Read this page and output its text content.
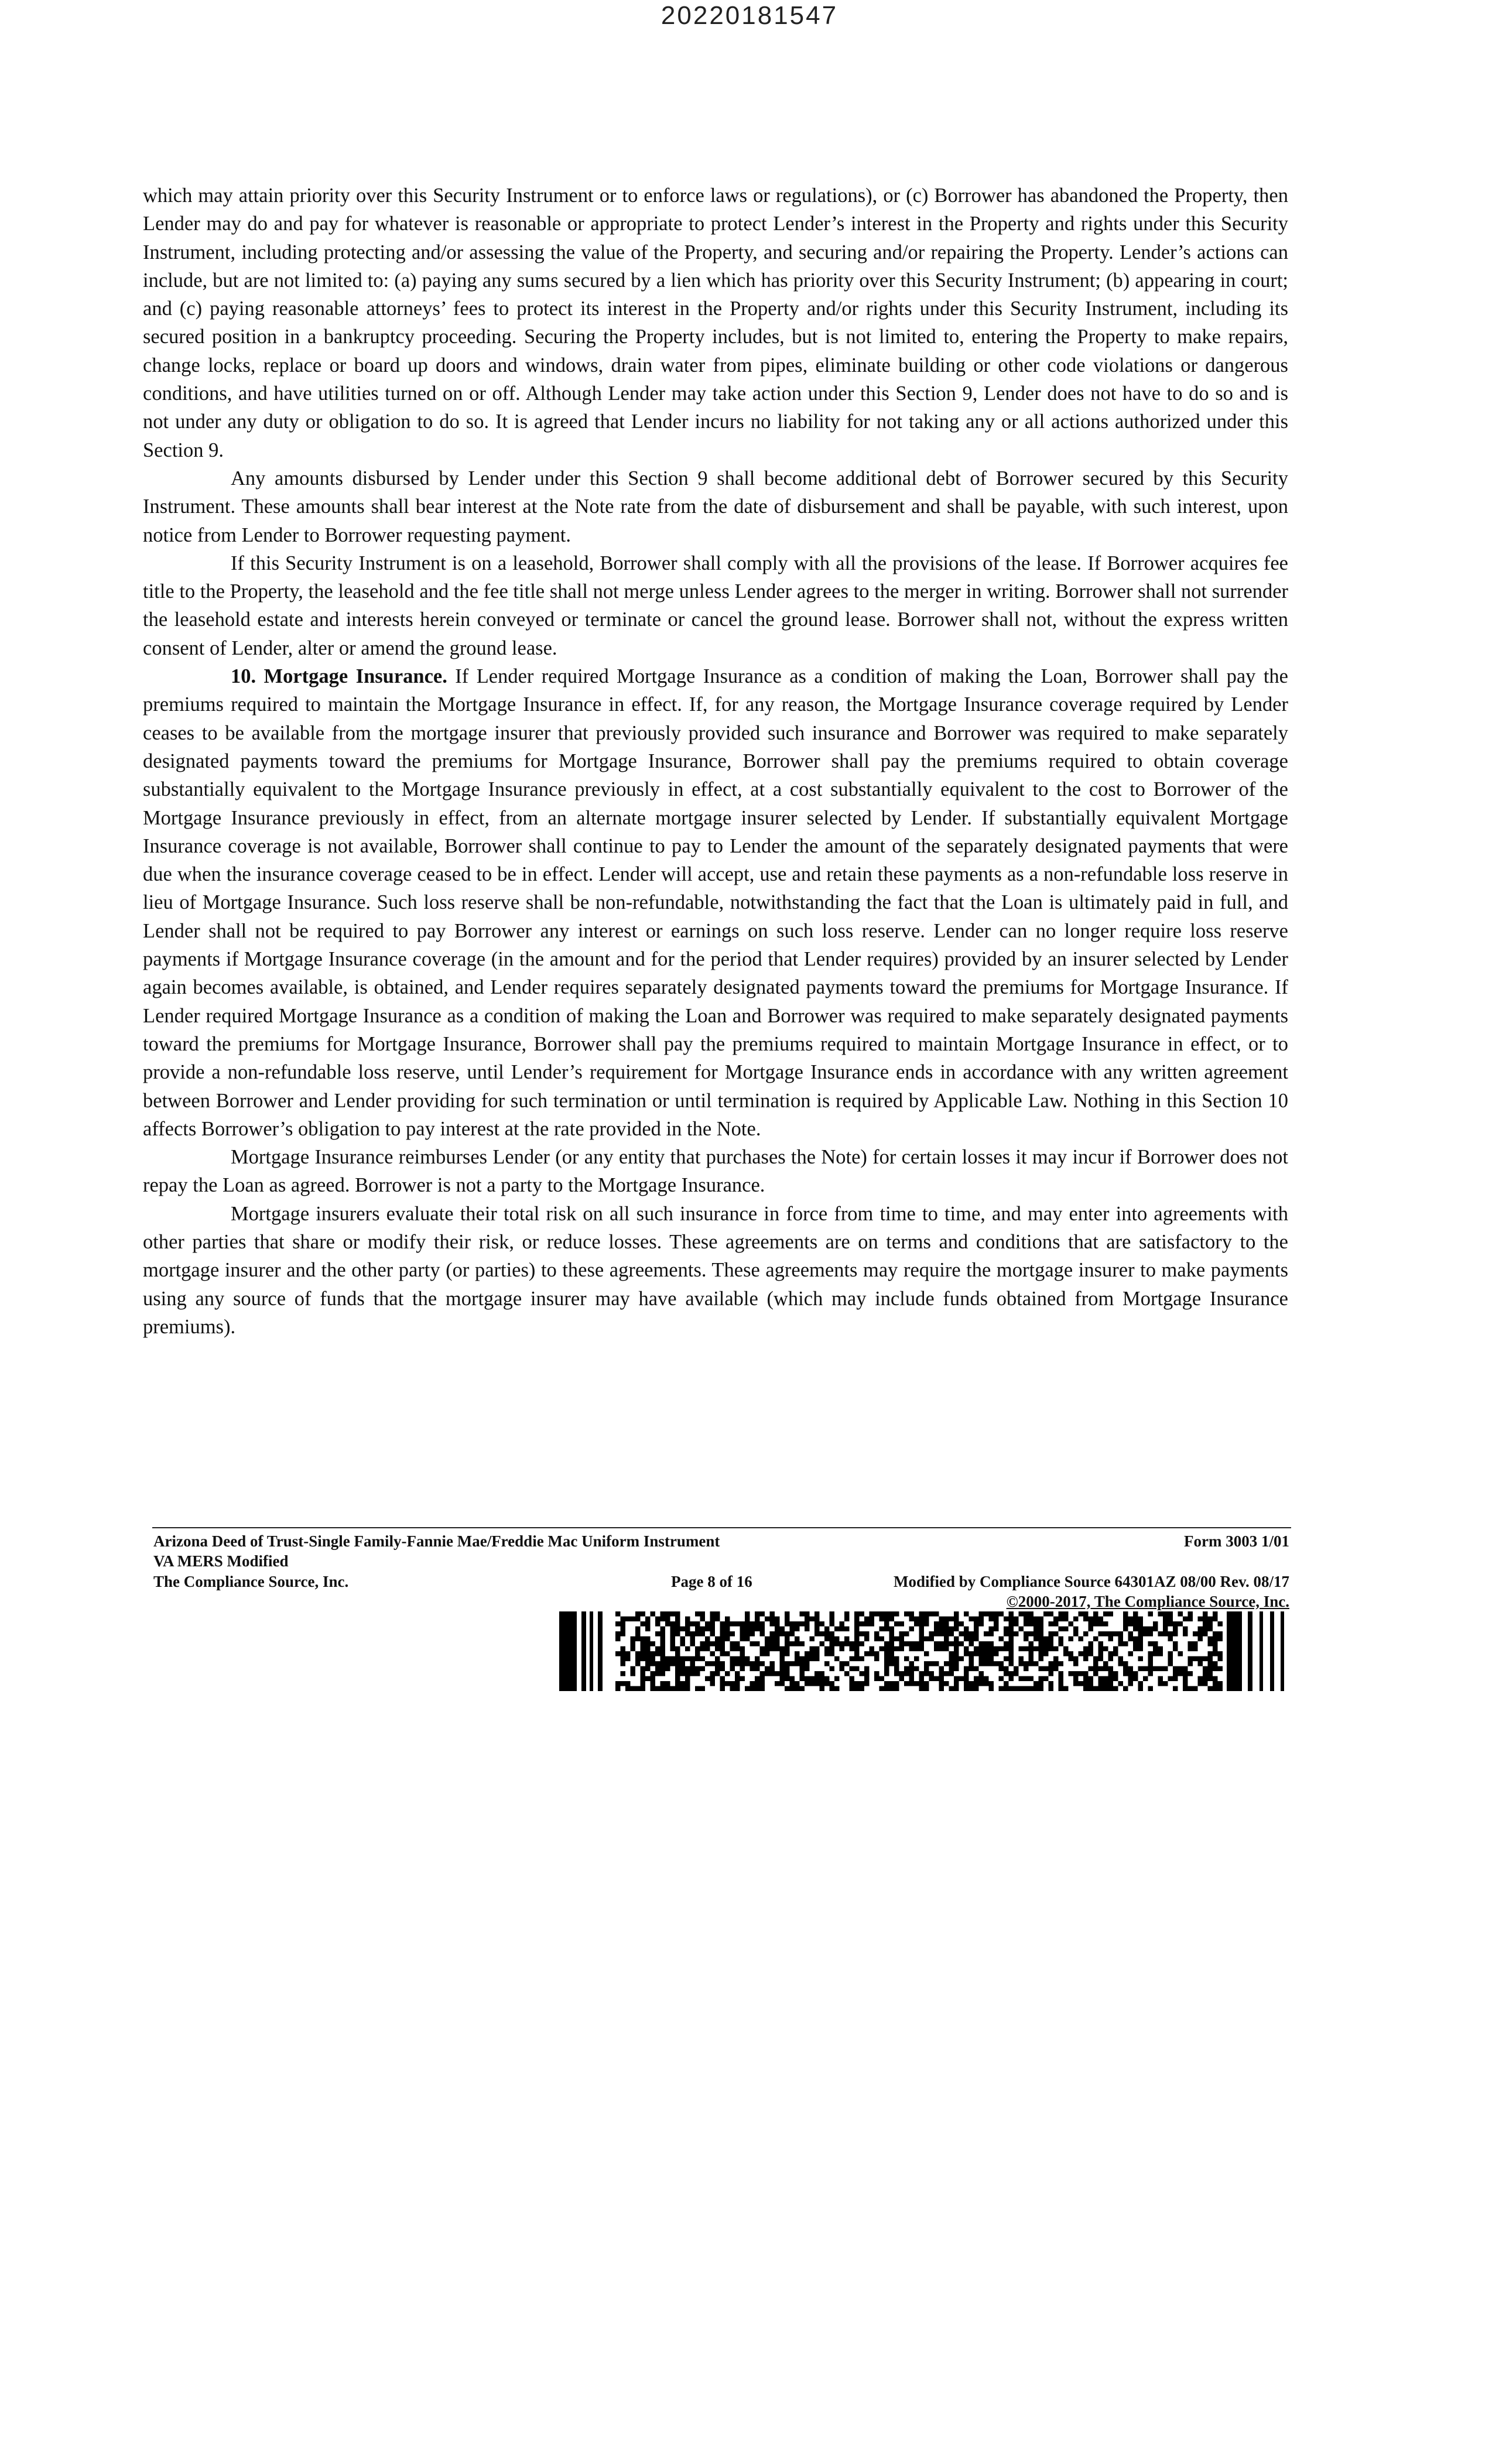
20220181547

which may attain priority over this Security Instrument or to enforce laws or regulations), or (c) Borrower has abandoned the Property, then Lender may do and pay for whatever is reasonable or appropriate to protect Lender’s interest in the Property and rights under this Security Instrument, including protecting and/or assessing the value of the Property, and securing and/or repairing the Property. Lender’s actions can include, but are not limited to: (a) paying any sums secured by a lien which has priority over this Security Instrument; (b) appearing in court; and (c) paying reasonable attorneys’ fees to protect its interest in the Property and/or rights under this Security Instrument, including its secured position in a bankruptcy proceeding. Securing the Property includes, but is not limited to, entering the Property to make repairs, change locks, replace or board up doors and windows, drain water from pipes, eliminate building or other code violations or dangerous conditions, and have utilities turned on or off. Although Lender may take action under this Section 9, Lender does not have to do so and is not under any duty or obligation to do so. It is agreed that Lender incurs no liability for not taking any or all actions authorized under this Section 9.

Any amounts disbursed by Lender under this Section 9 shall become additional debt of Borrower secured by this Security Instrument. These amounts shall bear interest at the Note rate from the date of disbursement and shall be payable, with such interest, upon notice from Lender to Borrower requesting payment.

If this Security Instrument is on a leasehold, Borrower shall comply with all the provisions of the lease. If Borrower acquires fee title to the Property, the leasehold and the fee title shall not merge unless Lender agrees to the merger in writing. Borrower shall not surrender the leasehold estate and interests herein conveyed or terminate or cancel the ground lease. Borrower shall not, without the express written consent of Lender, alter or amend the ground lease.

10. Mortgage Insurance. If Lender required Mortgage Insurance as a condition of making the Loan, Borrower shall pay the premiums required to maintain the Mortgage Insurance in effect. If, for any reason, the Mortgage Insurance coverage required by Lender ceases to be available from the mortgage insurer that previously provided such insurance and Borrower was required to make separately designated payments toward the premiums for Mortgage Insurance, Borrower shall pay the premiums required to obtain coverage substantially equivalent to the Mortgage Insurance previously in effect, at a cost substantially equivalent to the cost to Borrower of the Mortgage Insurance previously in effect, from an alternate mortgage insurer selected by Lender. If substantially equivalent Mortgage Insurance coverage is not available, Borrower shall continue to pay to Lender the amount of the separately designated payments that were due when the insurance coverage ceased to be in effect. Lender will accept, use and retain these payments as a non-refundable loss reserve in lieu of Mortgage Insurance. Such loss reserve shall be non-refundable, notwithstanding the fact that the Loan is ultimately paid in full, and Lender shall not be required to pay Borrower any interest or earnings on such loss reserve. Lender can no longer require loss reserve payments if Mortgage Insurance coverage (in the amount and for the period that Lender requires) provided by an insurer selected by Lender again becomes available, is obtained, and Lender requires separately designated payments toward the premiums for Mortgage Insurance. If Lender required Mortgage Insurance as a condition of making the Loan and Borrower was required to make separately designated payments toward the premiums for Mortgage Insurance, Borrower shall pay the premiums required to maintain Mortgage Insurance in effect, or to provide a non-refundable loss reserve, until Lender’s requirement for Mortgage Insurance ends in accordance with any written agreement between Borrower and Lender providing for such termination or until termination is required by Applicable Law. Nothing in this Section 10 affects Borrower’s obligation to pay interest at the rate provided in the Note.

Mortgage Insurance reimburses Lender (or any entity that purchases the Note) for certain losses it may incur if Borrower does not repay the Loan as agreed. Borrower is not a party to the Mortgage Insurance.

Mortgage insurers evaluate their total risk on all such insurance in force from time to time, and may enter into agreements with other parties that share or modify their risk, or reduce losses. These agreements are on terms and conditions that are satisfactory to the mortgage insurer and the other party (or parties) to these agreements. These agreements may require the mortgage insurer to make payments using any source of funds that the mortgage insurer may have available (which may include funds obtained from Mortgage Insurance premiums).

Arizona Deed of Trust-Single Family-Fannie Mae/Freddie Mac Uniform Instrument	Form 3003 1/01
VA MERS Modified
The Compliance Source, Inc.	Page 8 of 16	Modified by Compliance Source 64301AZ 08/00 Rev. 08/17
©2000-2017, The Compliance Source, Inc.
